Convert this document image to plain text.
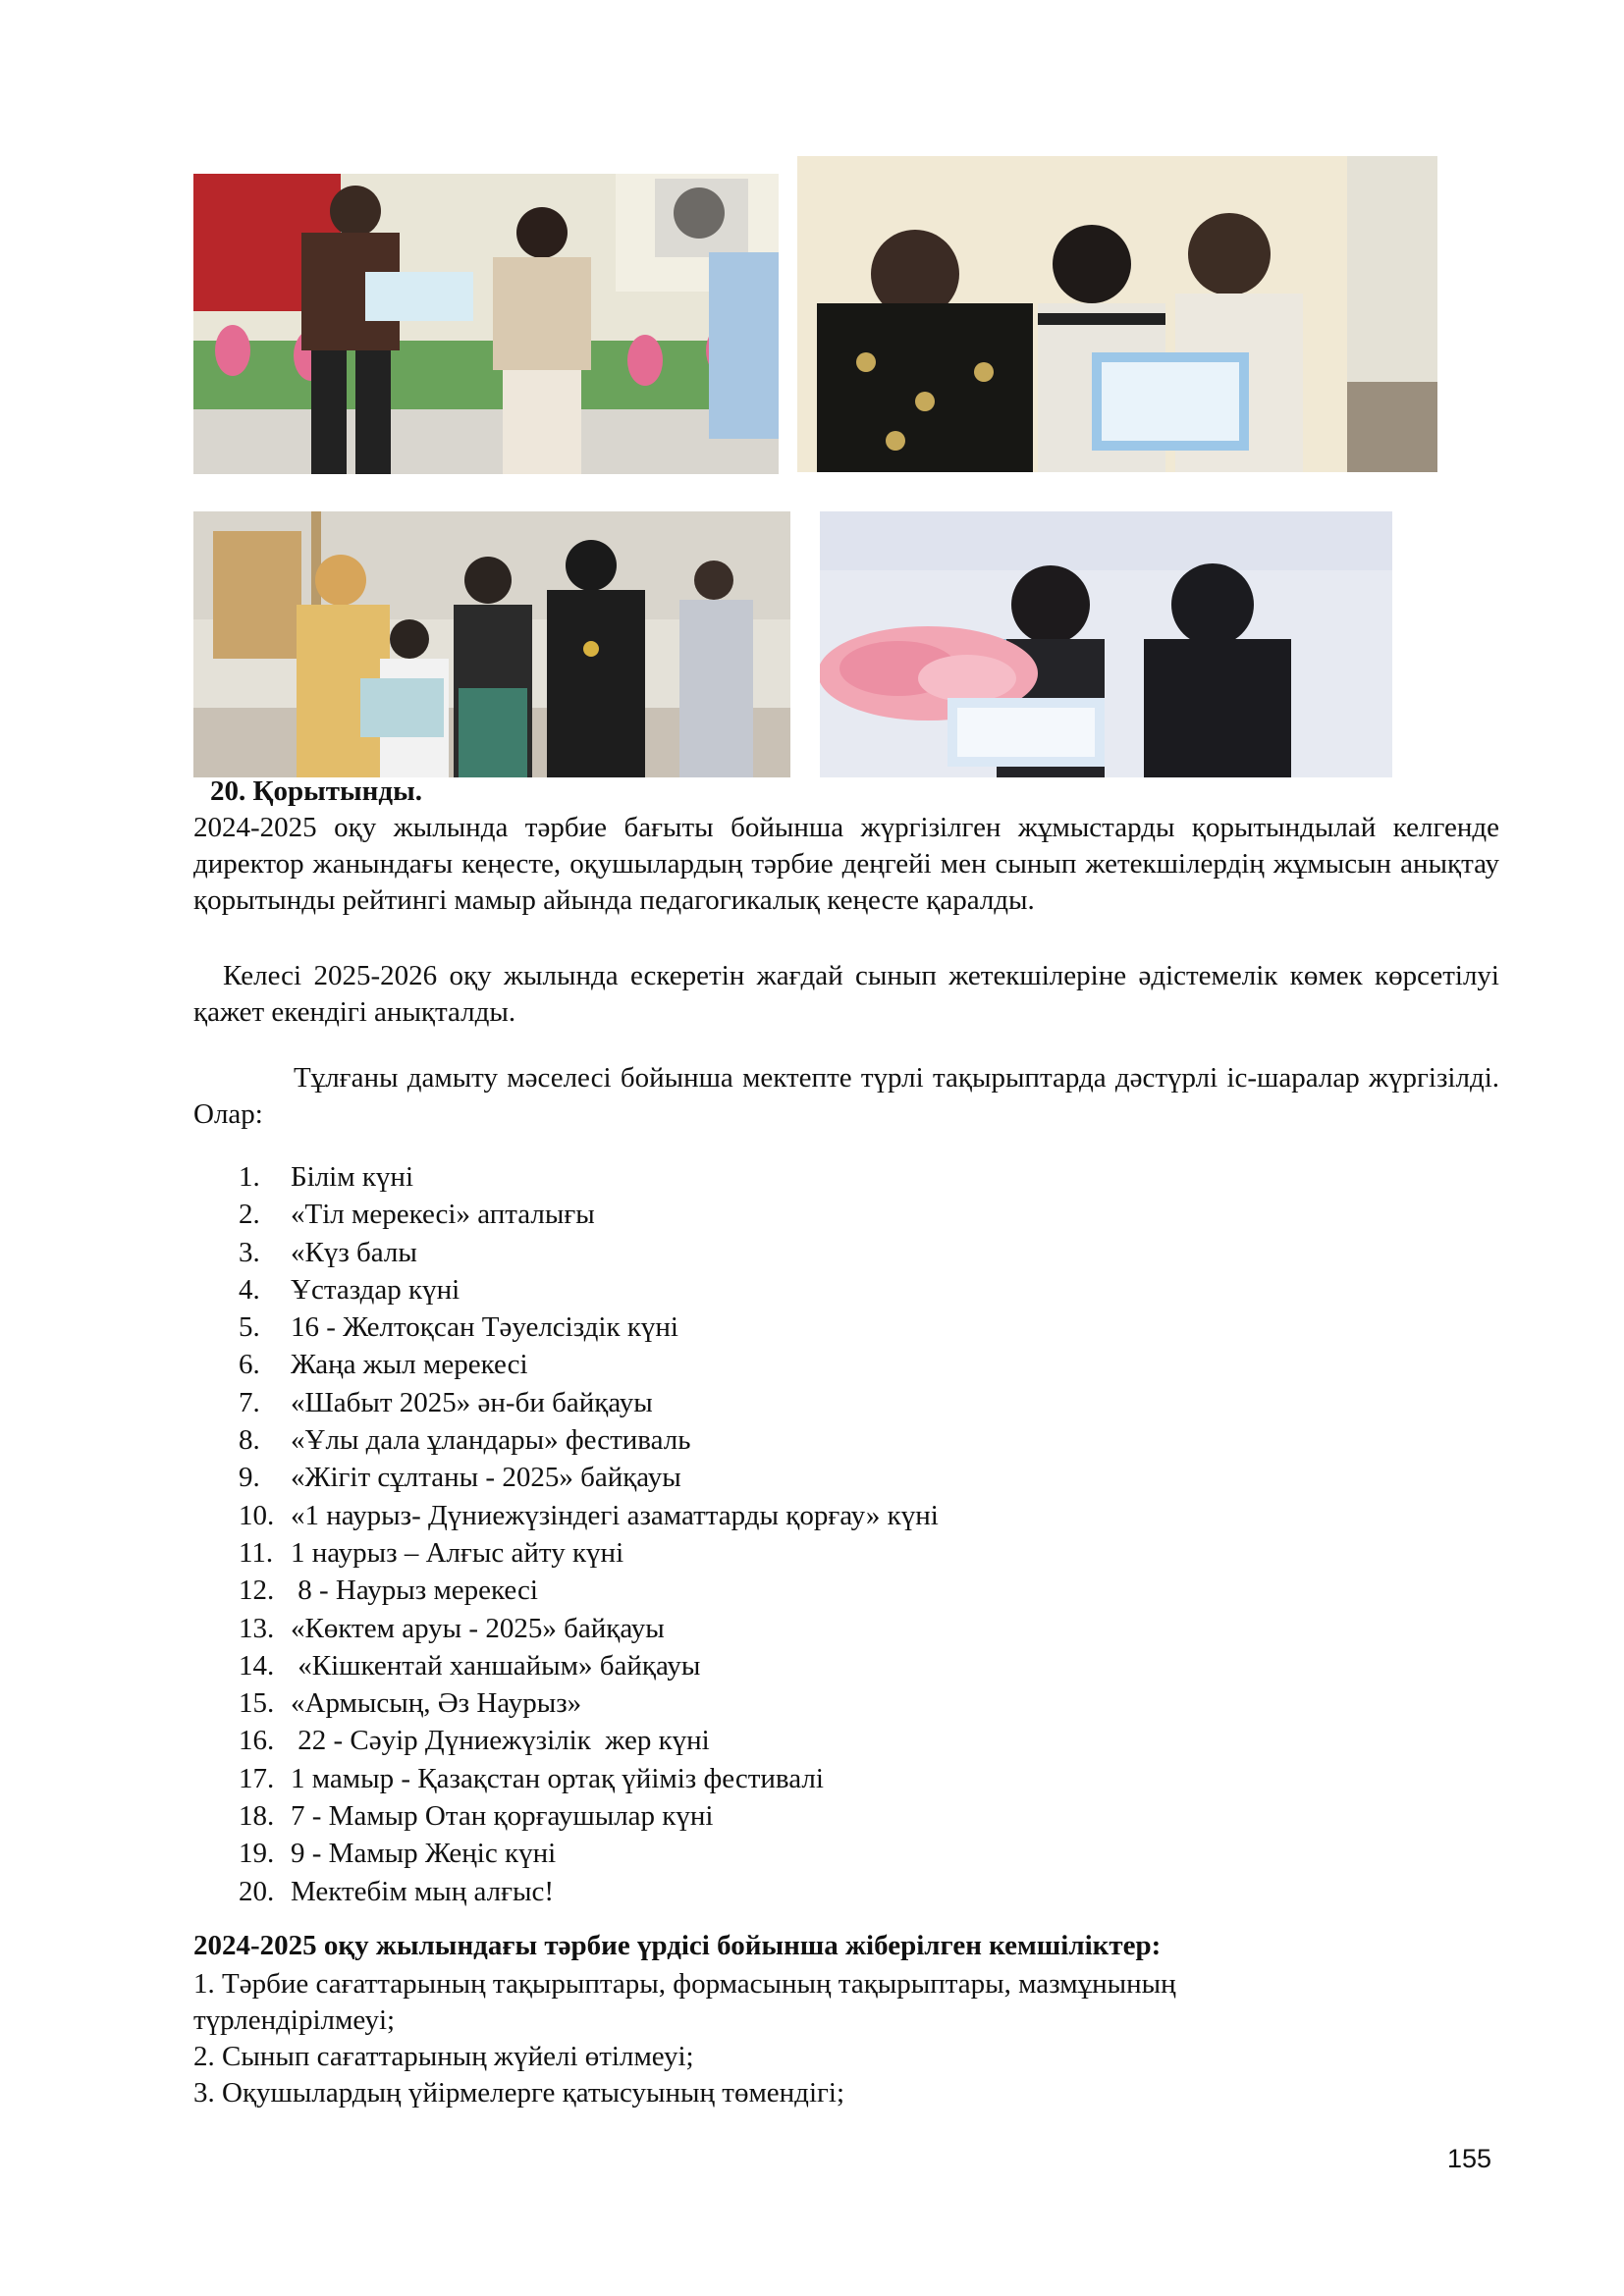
20. Қорытынды.

2024-2025 оқу жылында тәрбие бағыты бойынша жүргізілген жұмыстарды қорытындылай келгенде директор жанындағы кеңесте, оқушылардың тәрбие деңгейі мен сынып жетекшілердің жұмысын анықтау қорытынды рейтингі мамыр айында педагогикалық кеңесте қаралды.

Келесі 2025-2026 оқу жылында ескеретін жағдай сынып жетекшілеріне әдістемелік көмек көрсетілуі қажет екендігі анықталды.

Тұлғаны дамыту мәселесі бойынша мектепте түрлі тақырыптарда дәстүрлі іс-шаралар жүргізілді. Олар:

1.	Білім күні
2.	«Тіл мерекесі» апталығы
3.	«Күз балы
4.	Ұстаздар күні
5.	16 - Желтоқсан Тәуелсіздік күні
6.	Жаңа жыл мерекесі
7.	«Шабыт 2025» ән-би байқауы
8.	«Ұлы дала ұландары» фестиваль
9.	«Жігіт сұлтаны - 2025» байқауы
10. «1 наурыз- Дүниежүзіндегі азаматтарды қорғау» күні
11. 1 наурыз – Алғыс айту күні
12. 8 - Наурыз мерекесі
13. «Көктем аруы - 2025» байқауы
14. «Кішкентай ханшайым» байқауы
15. «Армысың, Әз Наурыз»
16. 22 - Сәуір Дүниежүзілік  жер күні
17. 1 мамыр - Қазақстан ортақ үйіміз фестивалі
18. 7 - Мамыр Отан қорғаушылар күні
19. 9 - Мамыр Жеңіс күні
20. Мектебім мың алғыс!
2024-2025 оқу жылындағы тәрбие үрдісі бойынша жіберілген кемшіліктер:
1. Тәрбие сағаттарының тақырыптары, формасының тақырыптары, мазмұнының түрлендірілмеуі;
2. Сынып сағаттарының жүйелі өтілмеуі;
3. Оқушылардың үйірмелерге қатысуының төмендігі;
155
